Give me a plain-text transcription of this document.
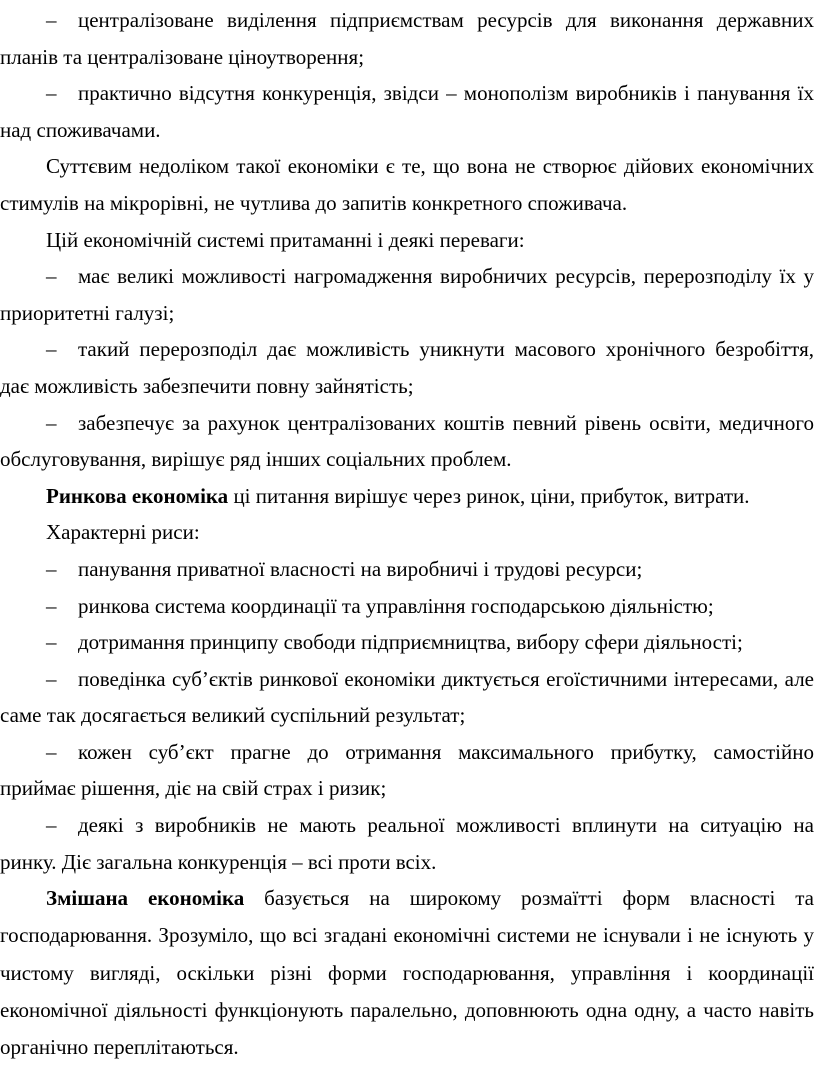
– централізоване виділення підприємствам ресурсів для виконання державних планів та централізоване ціноутворення;

– практично відсутня конкуренція, звідси – монополізм виробників і панування їх над споживачами.

Суттєвим недоліком такої економіки є те, що вона не створює дійових економічних стимулів на мікрорівні, не чутлива до запитів конкретного споживача.

Цій економічній системі притаманні і деякі переваги:

– має великі можливості нагромадження виробничих ресурсів, перерозподілу їх у приоритетні галузі;

– такий перерозподіл дає можливість уникнути масового хронічного безробіття, дає можливість забезпечити повну зайнятість;

– забезпечує за рахунок централізованих коштів певний рівень освіти, медичного обслуговування, вирішує ряд інших соціальних проблем.

Ринкова економіка ці питання вирішує через ринок, ціни, прибуток, витрати.

Характерні риси:

– панування приватної власності на виробничі і трудові ресурси;

– ринкова система координації та управління господарською діяльністю;

– дотримання принципу свободи підприємництва, вибору сфери діяльності;

– поведінка суб’єктів ринкової економіки диктується егоїстичними інтересами, але саме так досягається великий суспільний результат;

– кожен суб’єкт прагне до отримання максимального прибутку, самостійно приймає рішення, діє на свій страх і ризик;

– деякі з виробників не мають реальної можливості вплинути на ситуацію на ринку. Діє загальна конкуренція – всі проти всіх.

Змішана економіка базується на широкому розмаїтті форм власності та господарювання. Зрозуміло, що всі згадані економічні системи не існували і не існують у чистому вигляді, оскільки різні форми господарювання, управління і координації економічної діяльності функціонують паралельно, доповнюють одна одну, а часто навіть органічно переплітаються.
